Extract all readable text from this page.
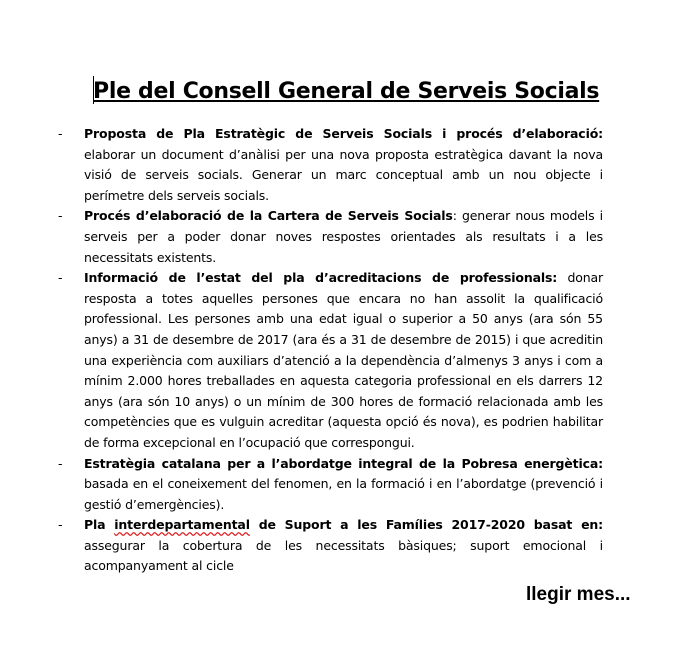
Ple del Consell General de Serveis Socials
- Proposta de Pla Estratègic de Serveis Socials i procés d’elaboració: elaborar un document d’anàlisi per una nova proposta estratègica davant la nova visió de serveis socials. Generar un marc conceptual amb un nou objecte i perímetre dels serveis socials.
- Procés d’elaboració de la Cartera de Serveis Socials: generar nous models i serveis per a poder donar noves respostes orientades als resultats i a les necessitats existents.
- Informació de l’estat del pla d’acreditacions de professionals: donar resposta a totes aquelles persones que encara no han assolit la qualificació professional. Les persones amb una edat igual o superior a 50 anys (ara són 55 anys) a 31 de desembre de 2017 (ara és a 31 de desembre de 2015) i que acreditin una experiència com auxiliars d’atenció a la dependència d’almenys 3 anys i com a mínim 2.000 hores treballades en aquesta categoria professional en els darrers 12 anys (ara són 10 anys) o un mínim de 300 hores de formació relacionada amb les competències que es vulguin acreditar (aquesta opció és nova), es podrien habilitar de forma excepcional en l’ocupació que correspongui.
- Estratègia catalana per a l’abordatge integral de la Pobresa energètica: basada en el coneixement del fenomen, en la formació i en l’abordatge (prevenció i gestió d’emergències).
- Pla interdepartamental de Suport a les Famílies 2017-2020 basat en: assegurar la cobertura de les necessitats bàsiques; suport emocional i acompanyament al cicle
llegir mes...
